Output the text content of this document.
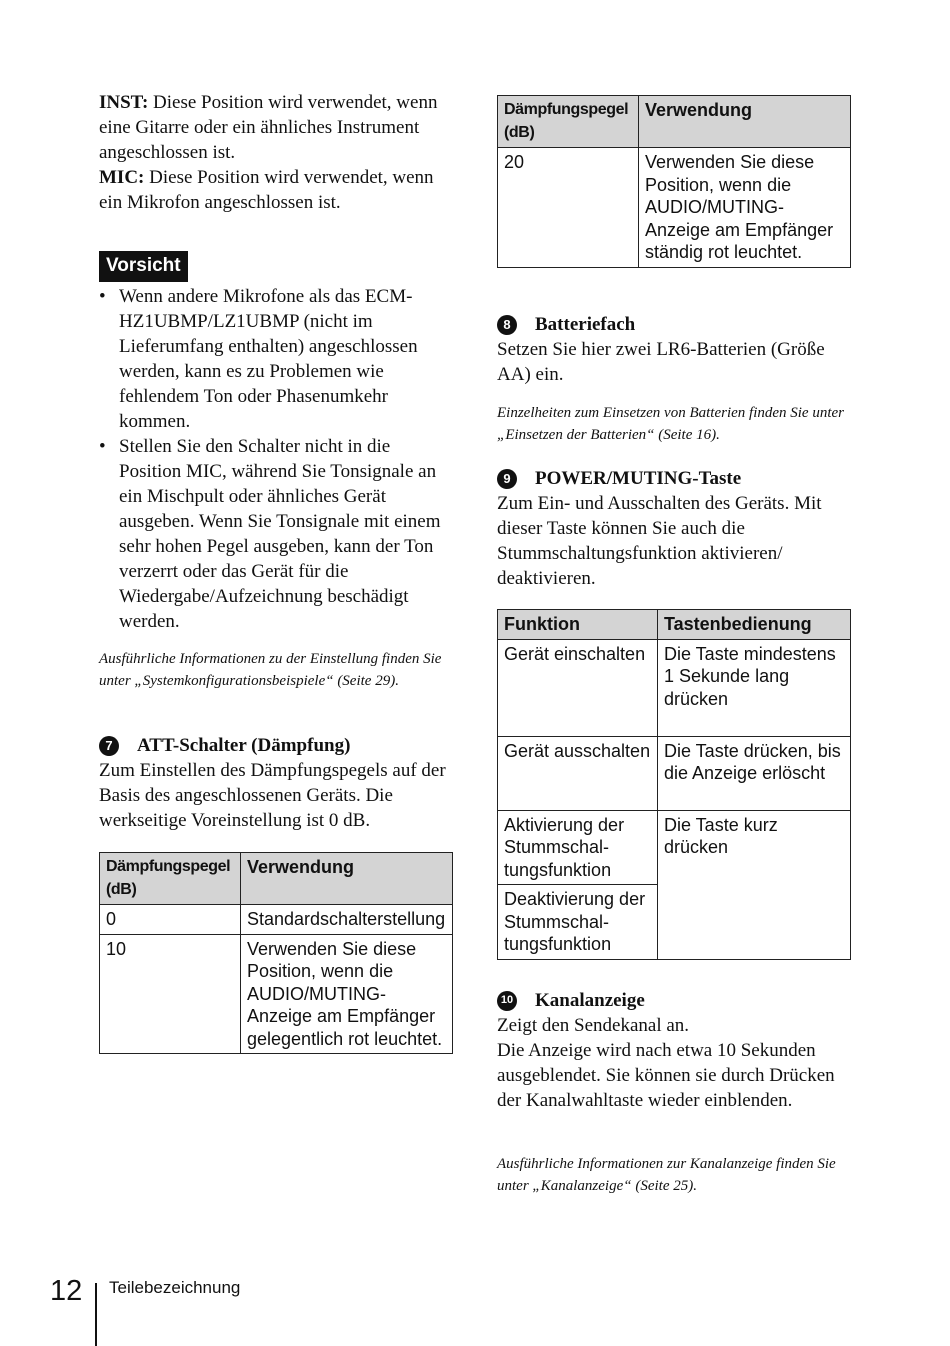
INST: Diese Position wird verwendet, wenn eine Gitarre oder ein ähnliches Instrument angeschlossen ist.

MIC: Diese Position wird verwendet, wenn ein Mikrofon angeschlossen ist.

Vorsicht
• Wenn andere Mikrofone als das ECM-HZ1UBMP/LZ1UBMP (nicht im Lieferumfang enthalten) angeschlossen werden, kann es zu Problemen wie fehlendem Ton oder Phasenumkehr kommen.
• Stellen Sie den Schalter nicht in die Position MIC, während Sie Tonsignale an ein Mischpult oder ähnliches Gerät ausgeben. Wenn Sie Tonsignale mit einem sehr hohen Pegel ausgeben, kann der Ton verzerrt oder das Gerät für die Wiedergabe/Aufzeichnung beschädigt werden.

Ausführliche Informationen zu der Einstellung finden Sie unter „Systemkonfigurationsbeispiele“ (Seite 29).

7	ATT-Schalter (Dämpfung)

Zum Einstellen des Dämpfungspegels auf der Basis des angeschlossenen Geräts. Die werkseitige Voreinstellung ist 0 dB.

Dämpfungspegel (dB)	Verwendung
0	Standardschalterstellung
10	Verwenden Sie diese Position, wenn die AUDIO/MUTING-Anzeige am Empfänger gelegentlich rot leuchtet.
Dämpfungspegel (dB)	Verwendung
20	Verwenden Sie diese Position, wenn die AUDIO/MUTING-Anzeige am Empfänger ständig rot leuchtet.
8	Batteriefach

Setzen Sie hier zwei LR6-Batterien (Größe AA) ein.

Einzelheiten zum Einsetzen von Batterien finden Sie unter „Einsetzen der Batterien“ (Seite 16).

9	POWER/MUTING-Taste

Zum Ein- und Ausschalten des Geräts. Mit dieser Taste können Sie auch die Stummschaltungsfunktion aktivieren/ deaktivieren.

Funktion	Tastenbedienung
Gerät einschalten	Die Taste mindestens 1 Sekunde lang drücken
Gerät ausschalten	Die Taste drücken, bis die Anzeige erlöscht
Aktivierung der Stummschal-tungsfunktion	Die Taste kurz drücken
Deaktivierung der Stummschal-tungsfunktion	
10 Kanalanzeige

Zeigt den Sendekanal an.

Die Anzeige wird nach etwa 10 Sekunden ausgeblendet. Sie können sie durch Drücken der Kanalwahltaste wieder einblenden.

Ausführliche Informationen zur Kanalanzeige finden Sie unter „Kanalanzeige“ (Seite 25).

12 Teilebezeichnung
